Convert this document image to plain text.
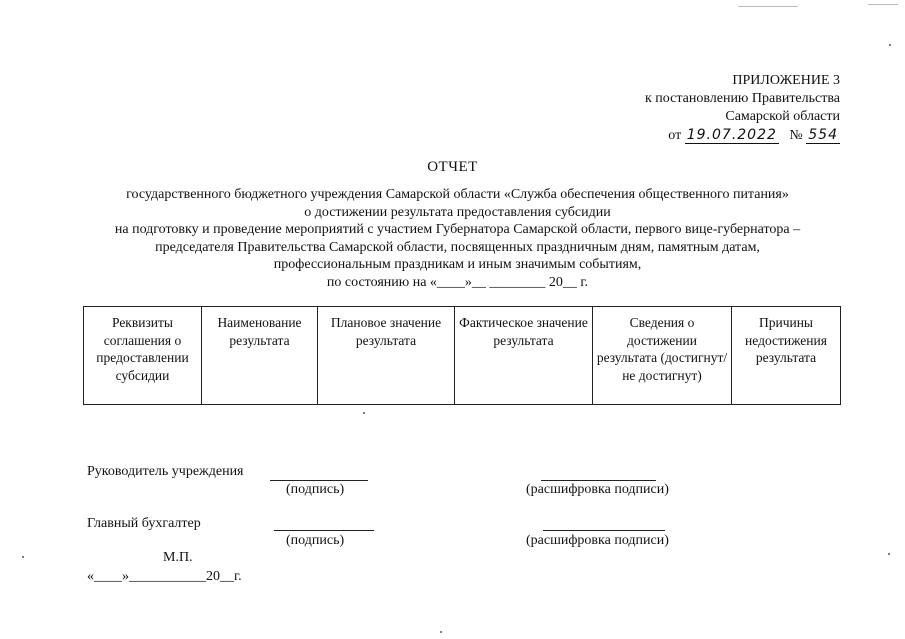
ПРИЛОЖЕНИЕ 3
к постановлению Правительства
Самарской области
от 19.07.2022 № 554
ОТЧЕТ
государственного бюджетного учреждения Самарской области «Служба обеспечения общественного питания»
о достижении результата предоставления субсидии
на подготовку и проведение мероприятий с участием Губернатора Самарской области, первого вице-губернатора –
председателя Правительства Самарской области, посвященных праздничным дням, памятным датам,
профессиональным праздникам и иным значимым событиям,
по состоянию на «____»__ ________ 20__ г.
Реквизиты соглашения о предоставлении субсидии	Наименование результата	Плановое значение результата	Фактическое значение результата	Сведения о достижении результата (достигнут/ не достигнут)	Причины недостижения результата
Руководитель учреждения
(подпись)	(расшифровка подписи)
Главный бухгалтер
(подпись)	(расшифровка подписи)
М.П.
«____»___________20__г.
